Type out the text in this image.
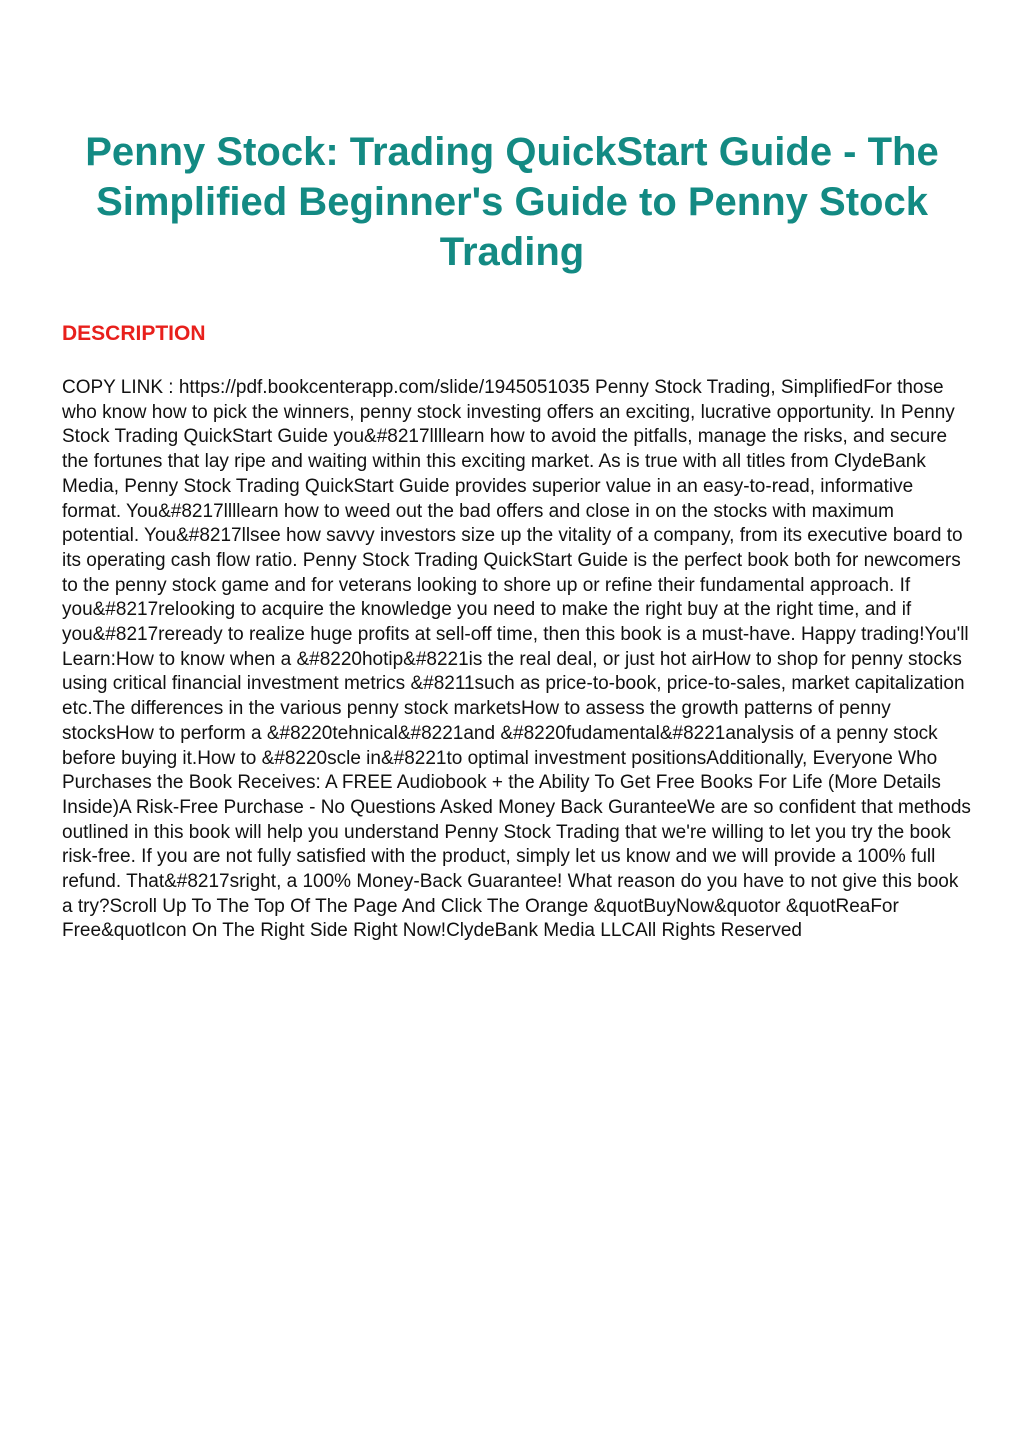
Penny Stock: Trading QuickStart Guide - The Simplified Beginner's Guide to Penny Stock Trading
DESCRIPTION

COPY LINK : https://pdf.bookcenterapp.com/slide/1945051035 Penny Stock Trading, SimplifiedFor those who know how to pick the winners, penny stock investing offers an exciting, lucrative opportunity. In Penny Stock Trading QuickStart Guide you&#8217llllearn how to avoid the pitfalls, manage the risks, and secure the fortunes that lay ripe and waiting within this exciting market. As is true with all titles from ClydeBank Media, Penny Stock Trading QuickStart Guide provides superior value in an easy-to-read, informative format. You&#8217llllearn how to weed out the bad offers and close in on the stocks with maximum potential. You&#8217llsee how savvy investors size up the vitality of a company, from its executive board to its operating cash flow ratio. Penny Stock Trading QuickStart Guide is the perfect book both for newcomers to the penny stock game and for veterans looking to shore up or refine their fundamental approach. If you&#8217relooking to acquire the knowledge you need to make the right buy at the right time, and if you&#8217reready to realize huge profits at sell-off time, then this book is a must-have. Happy trading!You'll Learn:How to know when a &#8220hotip&#8221is the real deal, or just hot airHow to shop for penny stocks using critical financial investment metrics &#8211such as price-to-book, price-to-sales, market capitalization etc.The differences in the various penny stock marketsHow to assess the growth patterns of penny stocksHow to perform a &#8220tehnical&#8221and &#8220fudamental&#8221analysis of a penny stock before buying it.How to &#8220scle in&#8221to optimal investment positionsAdditionally, Everyone Who Purchases the Book Receives: A FREE Audiobook + the Ability To Get Free Books For Life (More Details Inside)A Risk-Free Purchase - No Questions Asked Money Back GuranteeWe are so confident that methods outlined in this book will help you understand Penny Stock Trading that we're willing to let you try the book risk-free. If you are not fully satisfied with the product, simply let us know and we will provide a 100% full refund. That&#8217sright, a 100% Money-Back Guarantee! What reason do you have to not give this book a try?Scroll Up To The Top Of The Page And Click The Orange &quotBuyNow&quotor &quotReaFor Free&quotIcon On The Right Side Right Now!ClydeBank Media LLCAll Rights Reserved
